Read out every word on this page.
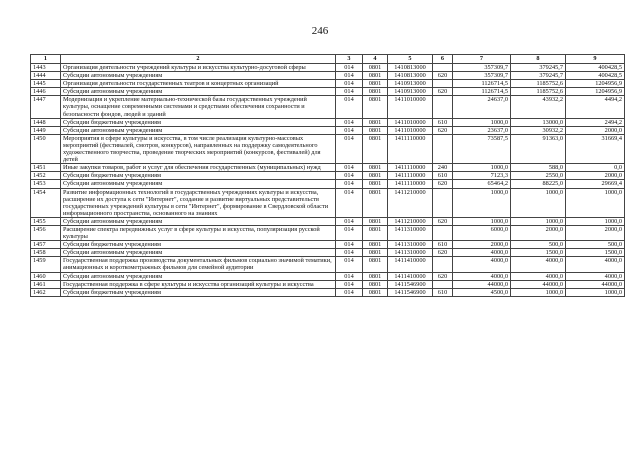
246
1	2	3	4	5	6	7	8	9
1443	Организация деятельности учреждений культуры и искусства культурно-досуговой сферы	014	0801	1410813000		357309,7	379245,7	400428,5
1444	Субсидии автономным учреждениям	014	0801	1410813000	620	357309,7	379245,7	400428,5
1445	Организация деятельности государственных театров и концертных организаций	014	0801	1410913000		1126714,5	1185752,6	1204956,9
1446	Субсидии автономным учреждениям	014	0801	1410913000	620	1126714,5	1185752,6	1204956,9
1447	Модернизация и укрепление материально-технической базы государственных учреждений культуры, оснащение современными системами и средствами обеспечения сохранности и безопасности фондов, людей и зданий	014	0801	1411010000		24637,0	43932,2	4494,2
1448	Субсидии бюджетным учреждениям	014	0801	1411010000	610	1000,0	13000,0	2494,2
1449	Субсидии автономным учреждениям	014	0801	1411010000	620	23637,0	30932,2	2000,0
1450	Мероприятия в сфере культуры и искусства, в том числе реализация культурно-массовых мероприятий (фестивалей, смотров, конкурсов), направленных на поддержку самодеятельного художественного творчества, проведение творческих мероприятий (конкурсов, фестивалей) для детей	014	0801	1411110000		73587,5	91363,0	31669,4
1451	Иные закупки товаров, работ и услуг для обеспечения государственных (муниципальных) нужд	014	0801	1411110000	240	1000,0	588,0	0,0
1452	Субсидии бюджетным учреждениям	014	0801	1411110000	610	7123,3	2550,0	2000,0
1453	Субсидии автономным учреждениям	014	0801	1411110000	620	65464,2	88225,0	29669,4
1454	Развитие информационных технологий в государственных учреждениях культуры и искусства, расширение их доступа к сети "Интернет", создание и развитие виртуальных представительств государственных учреждений культуры в сети "Интернет", формирование в Свердловской области информационного пространства, основанного на знаниях	014	0801	1411210000		1000,0	1000,0	1000,0
1455	Субсидии автономным учреждениям	014	0801	1411210000	620	1000,0	1000,0	1000,0
1456	Расширение спектра передвижных услуг в сфере культуры и искусства, популяризация русской культуры	014	0801	1411310000		6000,0	2000,0	2000,0
1457	Субсидии бюджетным учреждениям	014	0801	1411310000	610	2000,0	500,0	500,0
1458	Субсидии автономным учреждениям	014	0801	1411310000	620	4000,0	1500,0	1500,0
1459	Государственная поддержка производства документальных фильмов социально значимой тематики, анимационных и короткометражных фильмов для семейной аудитории	014	0801	1411410000		4000,0	4000,0	4000,0
1460	Субсидии автономным учреждениям	014	0801	1411410000	620	4000,0	4000,0	4000,0
1461	Государственная поддержка в сфере культуры и искусства организаций культуры и искусства	014	0801	1411546900		44000,0	44000,0	44000,0
1462	Субсидии бюджетным учреждениям	014	0801	1411546900	610	4500,0	1000,0	1000,0
